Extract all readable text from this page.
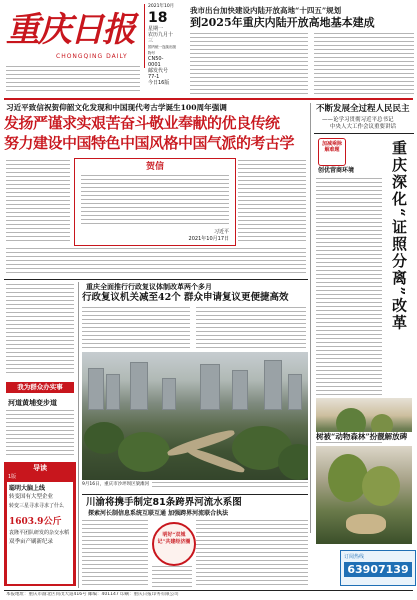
重庆日报
CHONGQING DAILY
2021年10月
18
星期一
农历九月十三
国内统一连续出版物号
CN50-0001
邮发代号77-1
今日16版
我市出台加快建设内陆开放高地“十四五”规划
到2025年重庆内陆开放高地基本建成
习近平致信祝贺仰韶文化发现和中国现代考古学诞生100周年强调
发扬严谨求实艰苦奋斗敬业奉献的优良传统
努力建设中国特色中国风格中国气派的考古学
贺信
习近平
2021年10月17日
不断发展全过程人民民主
——论学习贯彻习近平总书记
中央人大工作会议重要讲话
加减乘除 解难题	重庆深化“证照分离”改革
创优营商环境
树被“动物森林”扮靓解放碑
重庆全面推行行政复议体制改革两个多月
行政复议机关减至42个 群众申请复议更便捷高效
我为群众办实事
河道黄埔变步道
导读
1版
聪明大脑上线
转变国有大型企业
转变三星寻求寻求了什么
1603.9公斤
袁隆平团队研发的杂交水稻
双季亩产刷新纪录
9月16日，重庆市沙坪坝区梁滩河
川渝将携手制定81条跨界河流水系图
探索河长制信息系统互联互通 加强跨界河流联合执法
明好“双城记”共建经济圈
订阅热线
63907139
本报地址：重庆市渝北区同茂大道416号 邮编：401147 印刷：重庆日报印务有限公司
